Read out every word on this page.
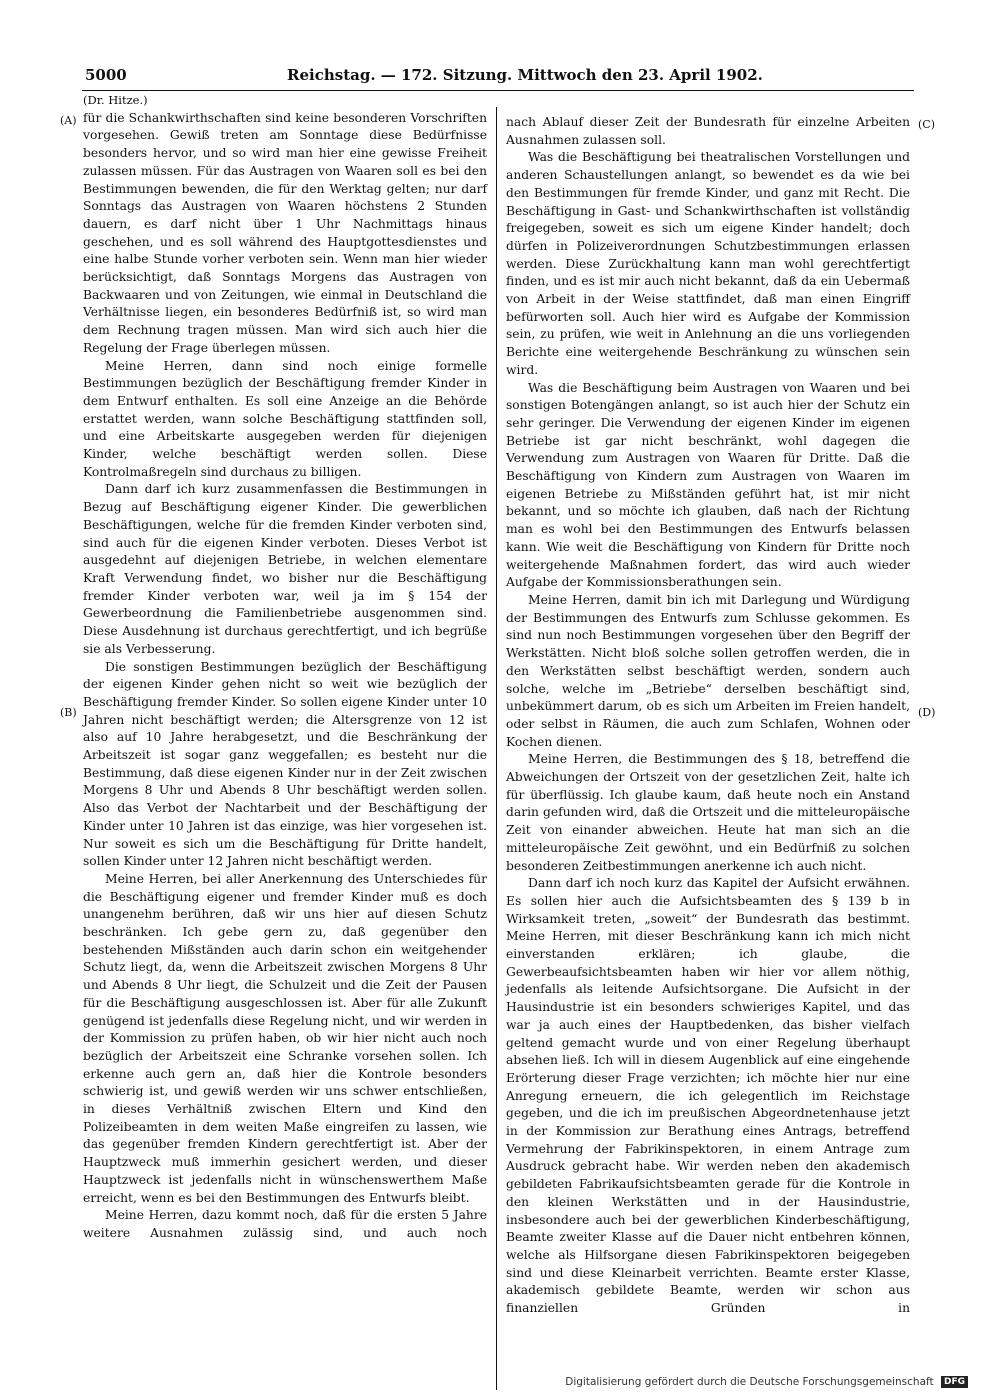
5000	Reichstag. — 172. Sitzung. Mittwoch den 23. April 1902.
(A)
(B)
(C)
(D)

(Dr. Hitze.)

für die Schankwirthschaften sind keine besonderen Vorschriften vorgesehen. Gewiß treten am Sonntage diese Bedürfnisse besonders hervor, und so wird man hier eine gewisse Freiheit zulassen müssen. Für das Austragen von Waaren soll es bei den Bestimmungen bewenden, die für den Werktag gelten; nur darf Sonntags das Austragen von Waaren höchstens 2 Stunden dauern, es darf nicht über 1 Uhr Nachmittags hinaus geschehen, und es soll während des Hauptgottesdienstes und eine halbe Stunde vorher verboten sein. Wenn man hier wieder berücksichtigt, daß Sonntags Morgens das Austragen von Backwaaren und von Zeitungen, wie einmal in Deutschland die Verhältnisse liegen, ein besonderes Bedürfniß ist, so wird man dem Rechnung tragen müssen. Man wird sich auch hier die Regelung der Frage überlegen müssen.

Meine Herren, dann sind noch einige formelle Bestimmungen bezüglich der Beschäftigung fremder Kinder in dem Entwurf enthalten. Es soll eine Anzeige an die Behörde erstattet werden, wann solche Beschäftigung stattfinden soll, und eine Arbeitskarte ausgegeben werden für diejenigen Kinder, welche beschäftigt werden sollen. Diese Kontrolmaßregeln sind durchaus zu billigen.

Dann darf ich kurz zusammenfassen die Bestimmungen in Bezug auf Beschäftigung eigener Kinder. Die gewerblichen Beschäftigungen, welche für die fremden Kinder verboten sind, sind auch für die eigenen Kinder verboten. Dieses Verbot ist ausgedehnt auf diejenigen Betriebe, in welchen elementare Kraft Verwendung findet, wo bisher nur die Beschäftigung fremder Kinder verboten war, weil ja im § 154 der Gewerbeordnung die Familienbetriebe ausgenommen sind. Diese Ausdehnung ist durchaus gerechtfertigt, und ich begrüße sie als Verbesserung.

Die sonstigen Bestimmungen bezüglich der Beschäftigung der eigenen Kinder gehen nicht so weit wie bezüglich der Beschäftigung fremder Kinder. So sollen eigene Kinder unter 10 Jahren nicht beschäftigt werden; die Altersgrenze von 12 ist also auf 10 Jahre herabgesetzt, und die Beschränkung der Arbeitszeit ist sogar ganz weggefallen; es besteht nur die Bestimmung, daß diese eigenen Kinder nur in der Zeit zwischen Morgens 8 Uhr und Abends 8 Uhr beschäftigt werden sollen. Also das Verbot der Nachtarbeit und der Beschäftigung der Kinder unter 10 Jahren ist das einzige, was hier vorgesehen ist. Nur soweit es sich um die Beschäftigung für Dritte handelt, sollen Kinder unter 12 Jahren nicht beschäftigt werden.

Meine Herren, bei aller Anerkennung des Unterschiedes für die Beschäftigung eigener und fremder Kinder muß es doch unangenehm berühren, daß wir uns hier auf diesen Schutz beschränken. Ich gebe gern zu, daß gegenüber den bestehenden Mißständen auch darin schon ein weitgehender Schutz liegt, da, wenn die Arbeitszeit zwischen Morgens 8 Uhr und Abends 8 Uhr liegt, die Schulzeit und die Zeit der Pausen für die Beschäftigung ausgeschlossen ist. Aber für alle Zukunft genügend ist jedenfalls diese Regelung nicht, und wir werden in der Kommission zu prüfen haben, ob wir hier nicht auch noch bezüglich der Arbeitszeit eine Schranke vorsehen sollen. Ich erkenne auch gern an, daß hier die Kontrole besonders schwierig ist, und gewiß werden wir uns schwer entschließen, in dieses Verhältniß zwischen Eltern und Kind den Polizeibeamten in dem weiten Maße eingreifen zu lassen, wie das gegenüber fremden Kindern gerechtfertigt ist. Aber der Hauptzweck muß immerhin gesichert werden, und dieser Hauptzweck ist jedenfalls nicht in wünschenswerthem Maße erreicht, wenn es bei den Bestimmungen des Entwurfs bleibt.

Meine Herren, dazu kommt noch, daß für die ersten 5 Jahre weitere Ausnahmen zulässig sind, und auch noch

nach Ablauf dieser Zeit der Bundesrath für einzelne Arbeiten Ausnahmen zulassen soll.

Was die Beschäftigung bei theatralischen Vorstellungen und anderen Schaustellungen anlangt, so bewendet es da wie bei den Bestimmungen für fremde Kinder, und ganz mit Recht. Die Beschäftigung in Gast- und Schankwirthschaften ist vollständig freigegeben, soweit es sich um eigene Kinder handelt; doch dürfen in Polizeiverordnungen Schutzbestimmungen erlassen werden. Diese Zurückhaltung kann man wohl gerechtfertigt finden, und es ist mir auch nicht bekannt, daß da ein Uebermaß von Arbeit in der Weise stattfindet, daß man einen Eingriff befürworten soll. Auch hier wird es Aufgabe der Kommission sein, zu prüfen, wie weit in Anlehnung an die uns vorliegenden Berichte eine weitergehende Beschränkung zu wünschen sein wird.

Was die Beschäftigung beim Austragen von Waaren und bei sonstigen Botengängen anlangt, so ist auch hier der Schutz ein sehr geringer. Die Verwendung der eigenen Kinder im eigenen Betriebe ist gar nicht beschränkt, wohl dagegen die Verwendung zum Austragen von Waaren für Dritte. Daß die Beschäftigung von Kindern zum Austragen von Waaren im eigenen Betriebe zu Mißständen geführt hat, ist mir nicht bekannt, und so möchte ich glauben, daß nach der Richtung man es wohl bei den Bestimmungen des Entwurfs belassen kann. Wie weit die Beschäftigung von Kindern für Dritte noch weitergehende Maßnahmen fordert, das wird auch wieder Aufgabe der Kommissionsberathungen sein.

Meine Herren, damit bin ich mit Darlegung und Würdigung der Bestimmungen des Entwurfs zum Schlusse gekommen. Es sind nun noch Bestimmungen vorgesehen über den Begriff der Werkstätten. Nicht bloß solche sollen getroffen werden, die in den Werkstätten selbst beschäftigt werden, sondern auch solche, welche im „Betriebe“ derselben beschäftigt sind, unbekümmert darum, ob es sich um Arbeiten im Freien handelt, oder selbst in Räumen, die auch zum Schlafen, Wohnen oder Kochen dienen.

Meine Herren, die Bestimmungen des § 18, betreffend die Abweichungen der Ortszeit von der gesetzlichen Zeit, halte ich für überflüssig. Ich glaube kaum, daß heute noch ein Anstand darin gefunden wird, daß die Ortszeit und die mitteleuropäische Zeit von einander abweichen. Heute hat man sich an die mitteleuropäische Zeit gewöhnt, und ein Bedürfniß zu solchen besonderen Zeitbestimmungen anerkenne ich auch nicht.

Dann darf ich noch kurz das Kapitel der Aufsicht erwähnen. Es sollen hier auch die Aufsichtsbeamten des § 139 b in Wirksamkeit treten, „soweit“ der Bundesrath das bestimmt. Meine Herren, mit dieser Beschränkung kann ich mich nicht einverstanden erklären; ich glaube, die Gewerbeaufsichtsbeamten haben wir hier vor allem nöthig, jedenfalls als leitende Aufsichtsorgane. Die Aufsicht in der Hausindustrie ist ein besonders schwieriges Kapitel, und das war ja auch eines der Hauptbedenken, das bisher vielfach geltend gemacht wurde und von einer Regelung überhaupt absehen ließ. Ich will in diesem Augenblick auf eine eingehende Erörterung dieser Frage verzichten; ich möchte hier nur eine Anregung erneuern, die ich gelegentlich im Reichstage gegeben, und die ich im preußischen Abgeordnetenhause jetzt in der Kommission zur Berathung eines Antrags, betreffend Vermehrung der Fabrikinspektoren, in einem Antrage zum Ausdruck gebracht habe. Wir werden neben den akademisch gebildeten Fabrikaufsichtsbeamten gerade für die Kontrole in den kleinen Werkstätten und in der Hausindustrie, insbesondere auch bei der gewerblichen Kinderbeschäftigung, Beamte zweiter Klasse auf die Dauer nicht entbehren können, welche als Hilfsorgane diesen Fabrikinspektoren beigegeben sind und diese Kleinarbeit verrichten. Beamte erster Klasse, akademisch gebildete Beamte, werden wir schon aus finanziellen Gründen in

Digitalisierung gefördert durch die Deutsche Forschungsgemeinschaft DFG
